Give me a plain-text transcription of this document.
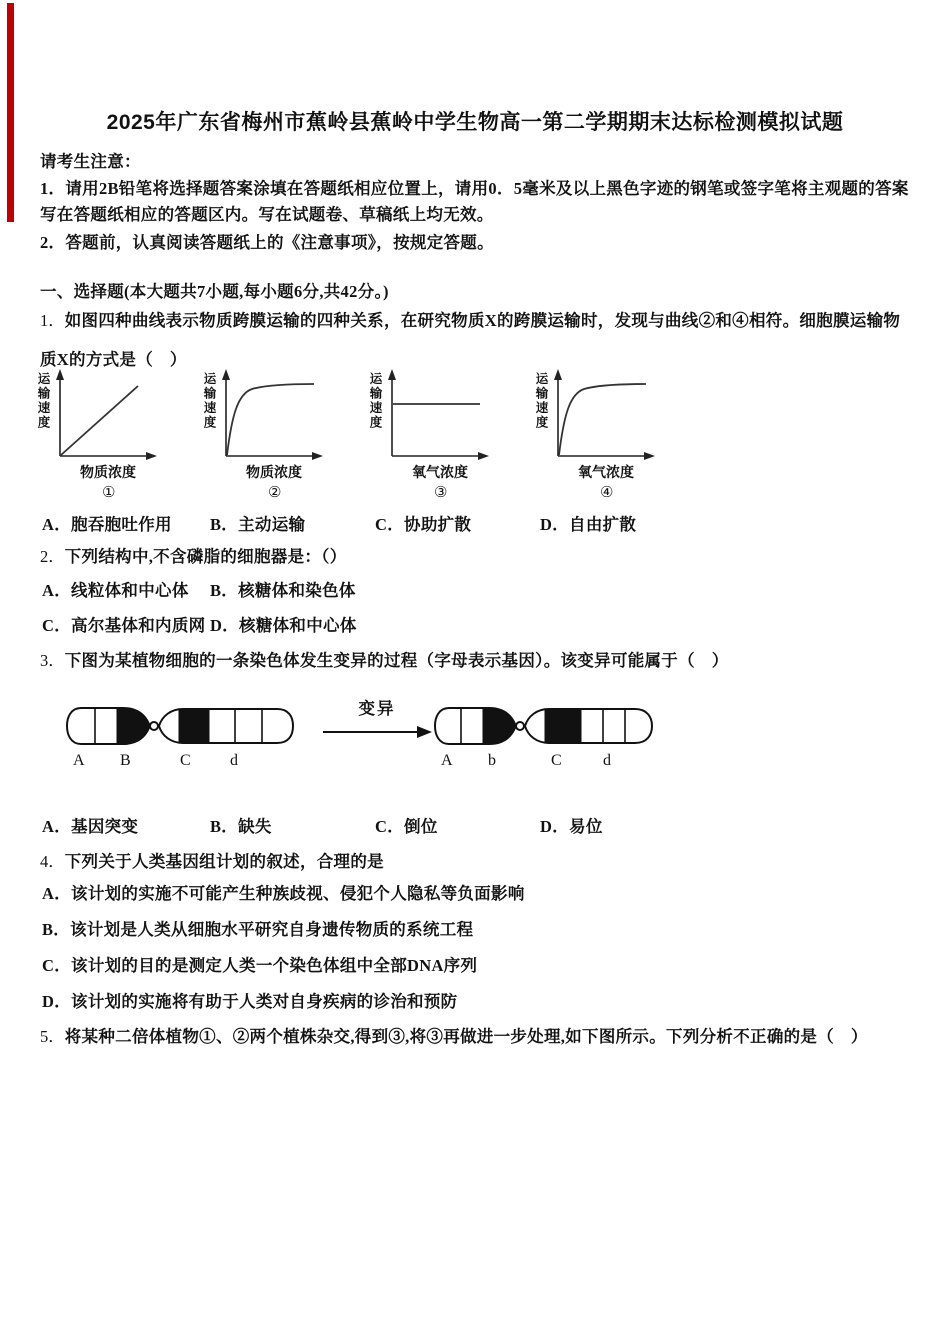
2025年广东省梅州市蕉岭县蕉岭中学生物高一第二学期期末达标检测模拟试题
请考生注意：
1．请用2B铅笔将选择题答案涂填在答题纸相应位置上，请用0．5毫米及以上黑色字迹的钢笔或签字笔将主观题的答案写在答题纸相应的答题区内。写在试题卷、草稿纸上均无效。
2．答题前，认真阅读答题纸上的《注意事项》，按规定答题。
一、选择题(本大题共7小题,每小题6分,共42分。)
1．如图四种曲线表示物质跨膜运输的四种关系，在研究物质X的跨膜运输时，发现与曲线②和④相符。细胞膜运输物质X的方式是（　）
运输速度
物质浓度
①
运输速度
物质浓度
②
运输速度
氧气浓度
③
运输速度
氧气浓度
④
A．胞吞胞吐作用	B．主动运输	C．协助扩散	D．自由扩散
2．下列结构中,不含磷脂的细胞器是：（）
A．线粒体和中心体	B．核糖体和染色体
C．高尔基体和内质网 D．核糖体和中心体
3．下图为某植物细胞的一条染色体发生变异的过程（字母表示基因）。该变异可能属于（　）
A B	C d
变异
A b	C	d
A．基因突变	B．缺失	C．倒位	D．易位
4．下列关于人类基因组计划的叙述，合理的是
A．该计划的实施不可能产生种族歧视、侵犯个人隐私等负面影响
B．该计划是人类从细胞水平研究自身遗传物质的系统工程
C．该计划的目的是测定人类一个染色体组中全部DNA序列
D．该计划的实施将有助于人类对自身疾病的诊治和预防
5．将某种二倍体植物①、②两个植株杂交,得到③,将③再做进一步处理,如下图所示。下列分析不正确的是（　）
